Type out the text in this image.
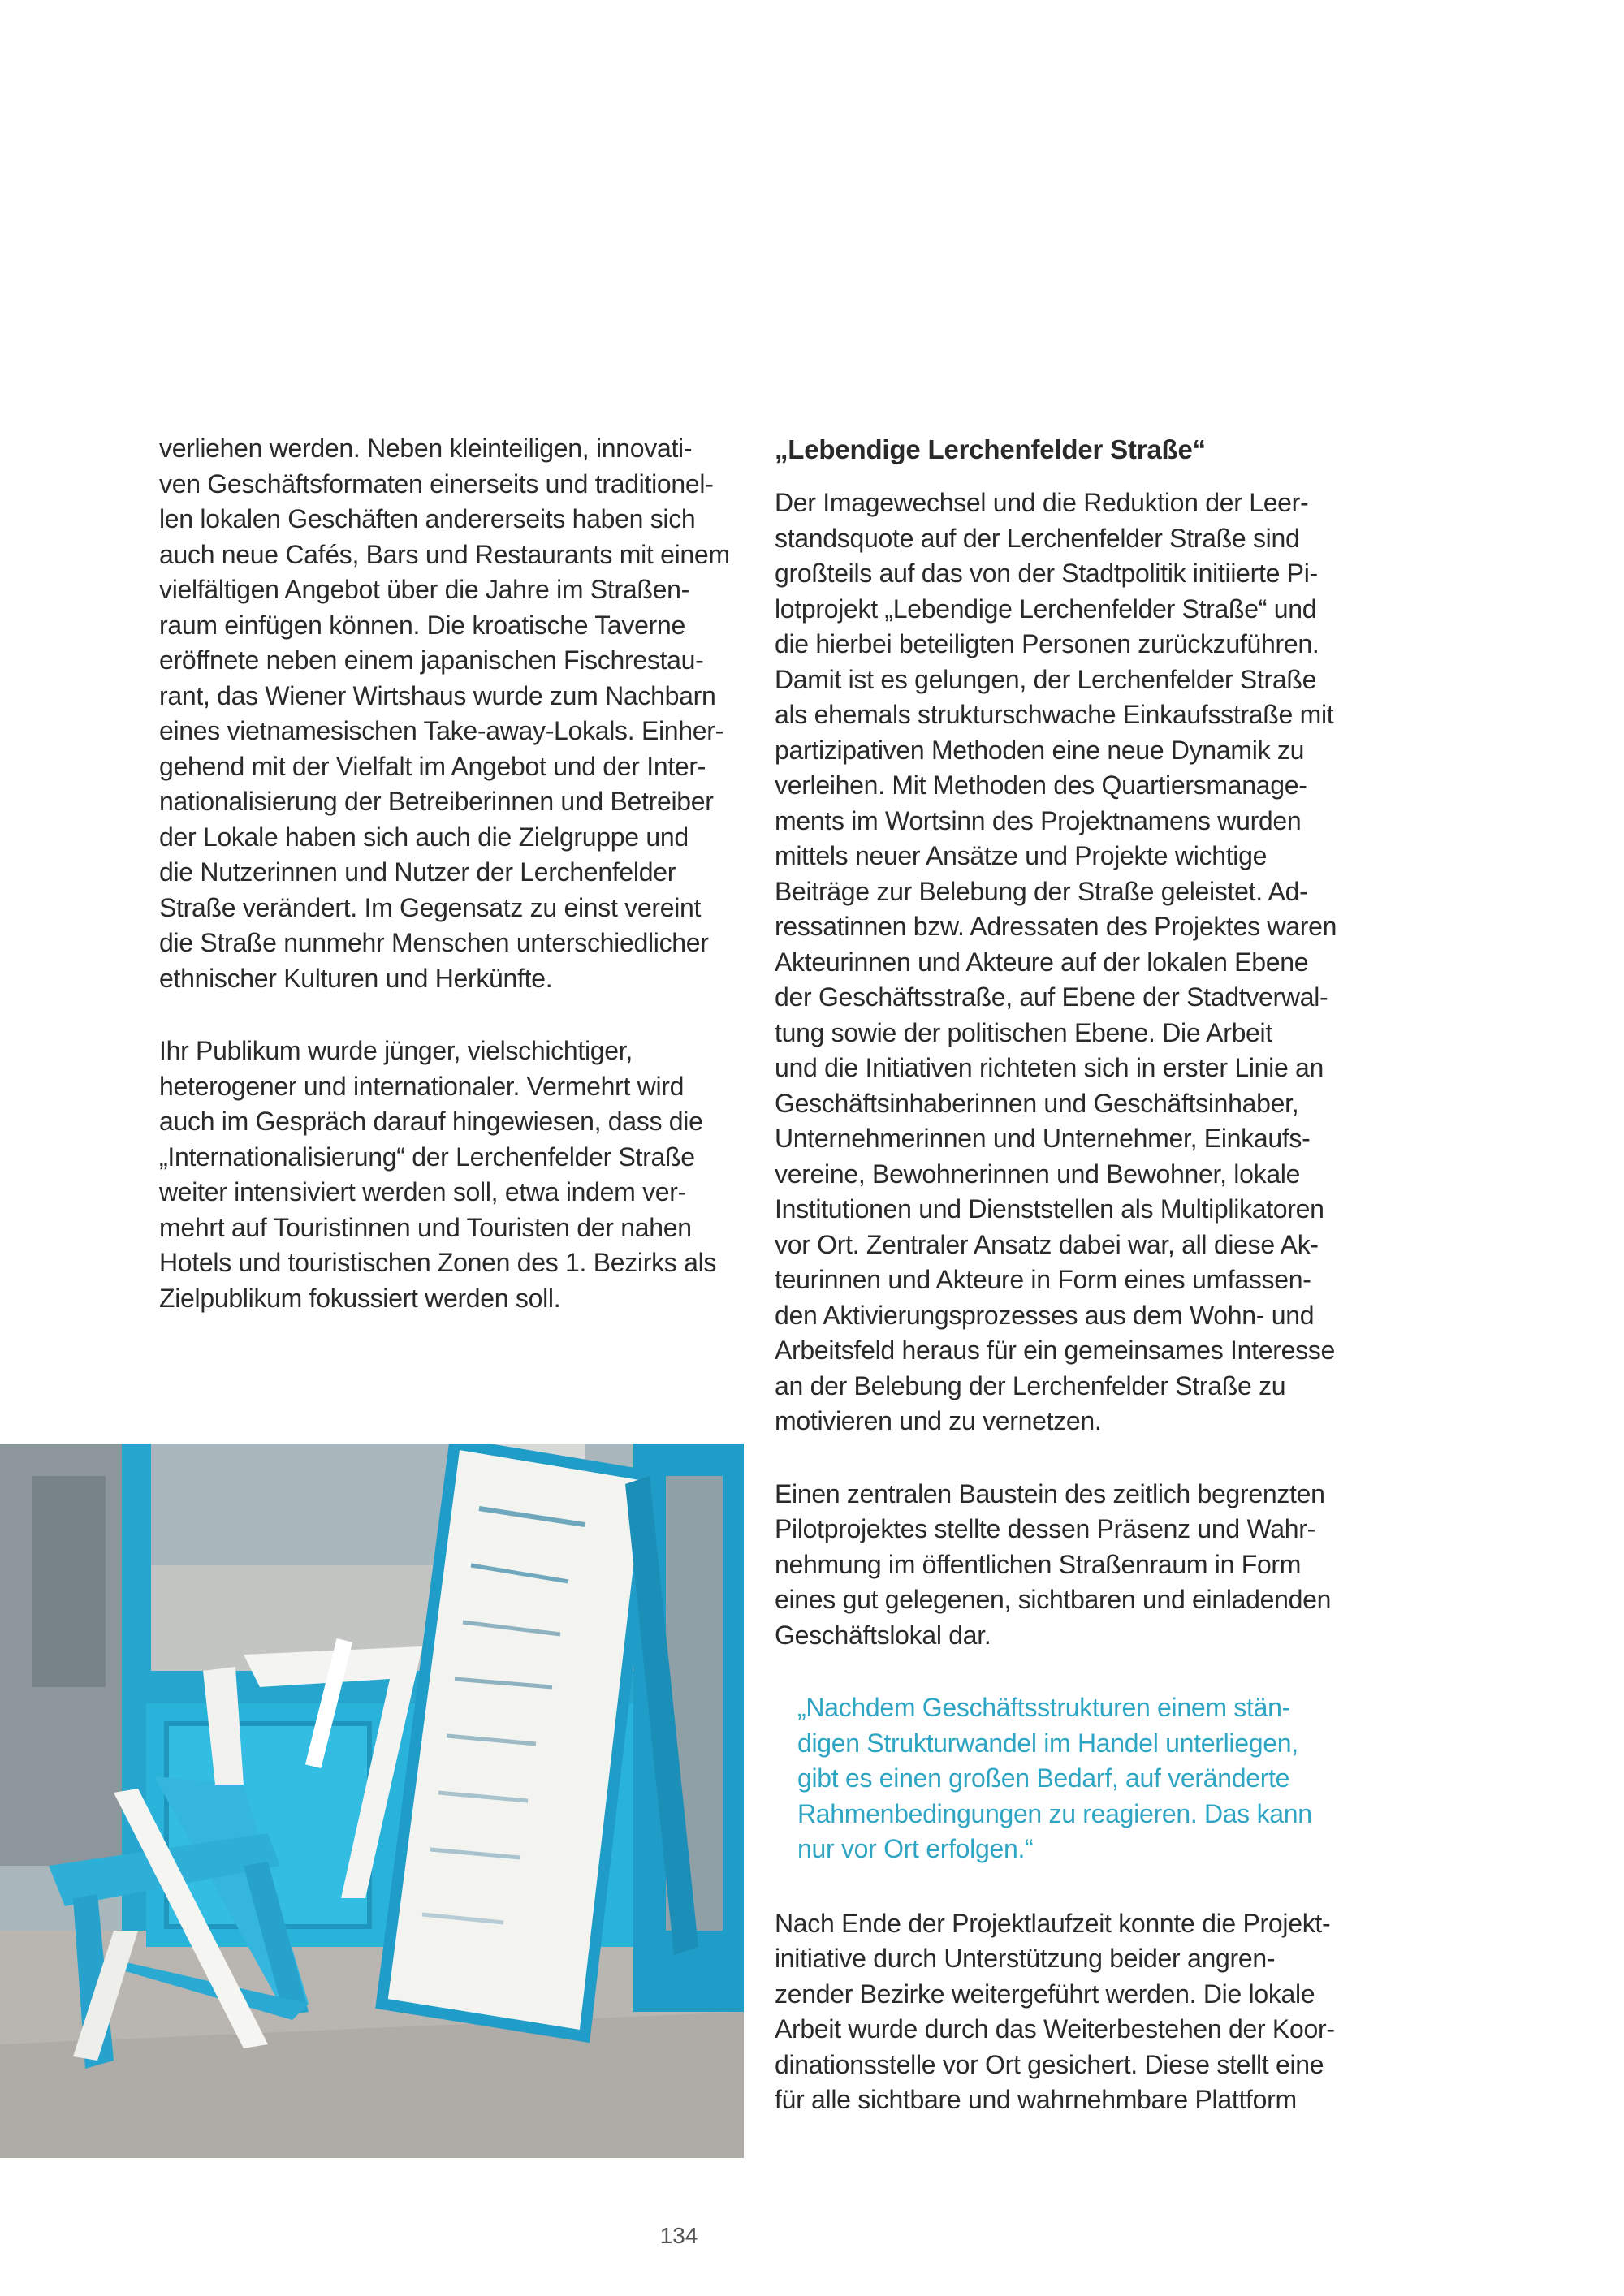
verliehen werden. Neben kleinteiligen, innovati-
ven Geschäftsformaten einerseits und traditionel-
len lokalen Geschäften andererseits haben sich
auch neue Cafés, Bars und Restaurants mit einem
vielfältigen Angebot über die Jahre im Straßen-
raum einfügen können. Die kroatische Taverne
eröffnete neben einem japanischen Fischrestau-
rant, das Wiener Wirtshaus wurde zum Nachbarn
eines vietnamesischen Take-away-Lokals. Einher-
gehend mit der Vielfalt im Angebot und der Inter-
nationalisierung der Betreiberinnen und Betreiber
der Lokale haben sich auch die Zielgruppe und
die Nutzerinnen und Nutzer der Lerchenfelder
Straße verändert. Im Gegensatz zu einst vereint
die Straße nunmehr Menschen unterschiedlicher
ethnischer Kulturen und Herkünfte.

Ihr Publikum wurde jünger, vielschichtiger,
heterogener und internationaler. Vermehrt wird
auch im Gespräch darauf hingewiesen, dass die
„Internationalisierung“ der Lerchenfelder Straße
weiter intensiviert werden soll, etwa indem ver-
mehrt auf Touristinnen und Touristen der nahen
Hotels und touristischen Zonen des 1. Bezirks als
Zielpublikum fokussiert werden soll.

„Lebendige Lerchenfelder Straße“

Der Imagewechsel und die Reduktion der Leer-
standsquote auf der Lerchenfelder Straße sind
großteils auf das von der Stadtpolitik initiierte Pi-
lotprojekt „Lebendige Lerchenfelder Straße“ und
die hierbei beteiligten Personen zurückzuführen.
Damit ist es gelungen, der Lerchenfelder Straße
als ehemals strukturschwache Einkaufsstraße mit
partizipativen Methoden eine neue Dynamik zu
verleihen. Mit Methoden des Quartiersmanage-
ments im Wortsinn des Projektnamens wurden
mittels neuer Ansätze und Projekte wichtige
Beiträge zur Belebung der Straße geleistet. Ad-
ressatinnen bzw. Adressaten des Projektes waren
Akteurinnen und Akteure auf der lokalen Ebene
der Geschäftsstraße, auf Ebene der Stadtverwal-
tung sowie der politischen Ebene. Die Arbeit
und die Initiativen richteten sich in erster Linie an
Geschäftsinhaberinnen und Geschäftsinhaber,
Unternehmerinnen und Unternehmer, Einkaufs-
vereine, Bewohnerinnen und Bewohner, lokale
Institutionen und Dienststellen als Multiplikatoren
vor Ort. Zentraler Ansatz dabei war, all diese Ak-
teurinnen und Akteure in Form eines umfassen-
den Aktivierungsprozesses aus dem Wohn- und
Arbeitsfeld heraus für ein gemeinsames Interesse
an der Belebung der Lerchenfelder Straße zu
motivieren und zu vernetzen.

Einen zentralen Baustein des zeitlich begrenzten
Pilotprojektes stellte dessen Präsenz und Wahr-
nehmung im öffentlichen Straßenraum in Form
eines gut gelegenen, sichtbaren und einladenden
Geschäftslokal dar.

„Nachdem Geschäftsstrukturen einem stän-
digen Strukturwandel im Handel unterliegen,
gibt es einen großen Bedarf, auf veränderte
Rahmenbedingungen zu reagieren. Das kann
nur vor Ort erfolgen.“

Nach Ende der Projektlaufzeit konnte die Projekt-
initiative durch Unterstützung beider angren-
zender Bezirke weitergeführt werden. Die lokale
Arbeit wurde durch das Weiterbestehen der Koor-
dinationsstelle vor Ort gesichert. Diese stellt eine
für alle sichtbare und wahrnehmbare Plattform

134
